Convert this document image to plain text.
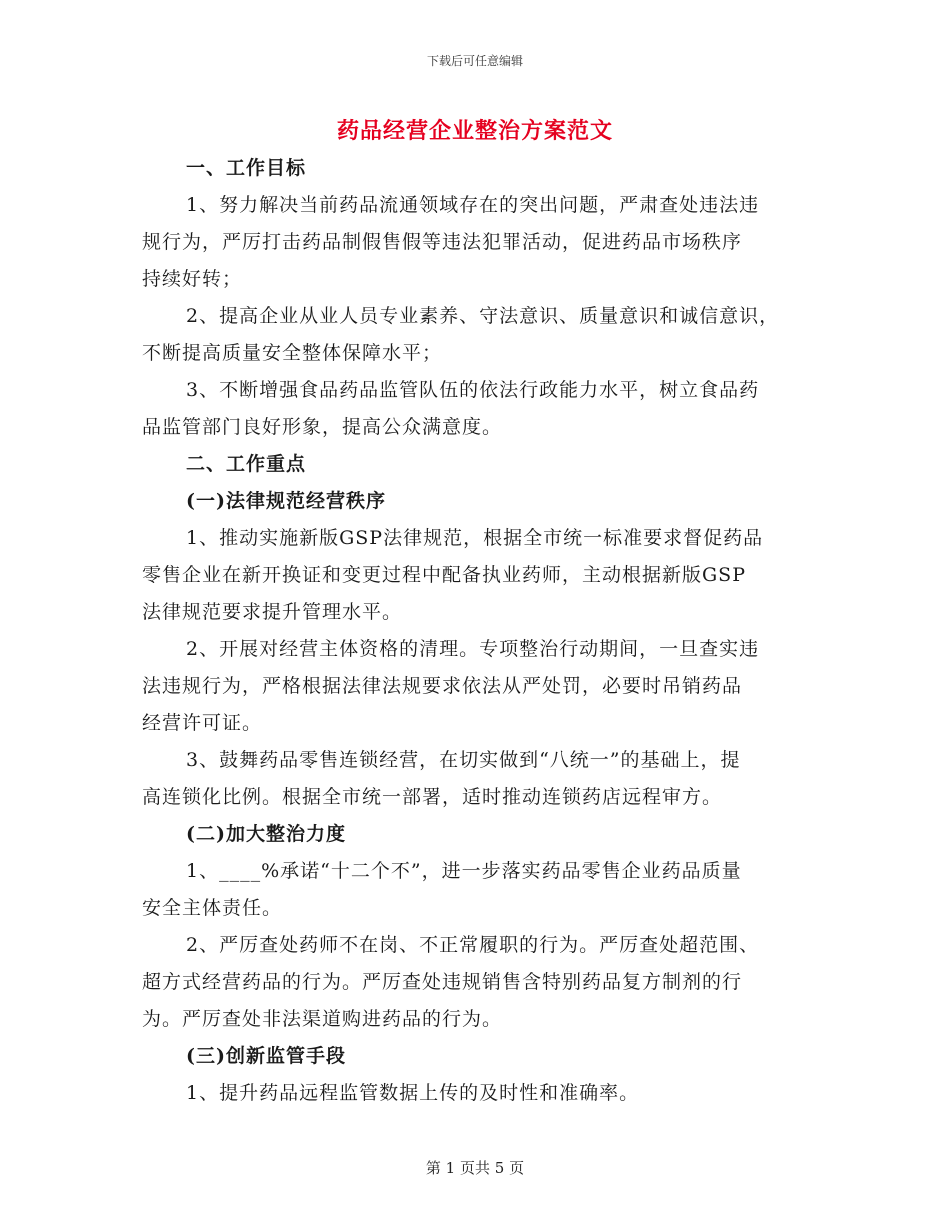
下载后可任意编辑
药品经营企业整治方案范文
一、工作目标
1、努力解决当前药品流通领域存在的突出问题，严肃查处违法违
规行为，严厉打击药品制假售假等违法犯罪活动，促进药品市场秩序
持续好转；
2、提高企业从业人员专业素养、守法意识、质量意识和诚信意识，
不断提高质量安全整体保障水平；
3、不断增强食品药品监管队伍的依法行政能力水平，树立食品药
品监管部门良好形象，提高公众满意度。
二、工作重点
(一)法律规范经营秩序
1、推动实施新版GSP法律规范，根据全市统一标准要求督促药品
零售企业在新开换证和变更过程中配备执业药师，主动根据新版GSP
法律规范要求提升管理水平。
2、开展对经营主体资格的清理。专项整治行动期间，一旦查实违
法违规行为，严格根据法律法规要求依法从严处罚，必要时吊销药品
经营许可证。
3、鼓舞药品零售连锁经营，在切实做到“八统一”的基础上，提
高连锁化比例。根据全市统一部署，适时推动连锁药店远程审方。
(二)加大整治力度
1、____%承诺“十二个不”，进一步落实药品零售企业药品质量
安全主体责任。
2、严厉查处药师不在岗、不正常履职的行为。严厉查处超范围、
超方式经营药品的行为。严厉查处违规销售含特别药品复方制剂的行
为。严厉查处非法渠道购进药品的行为。
(三)创新监管手段
1、提升药品远程监管数据上传的及时性和准确率。
第 1 页共 5 页
